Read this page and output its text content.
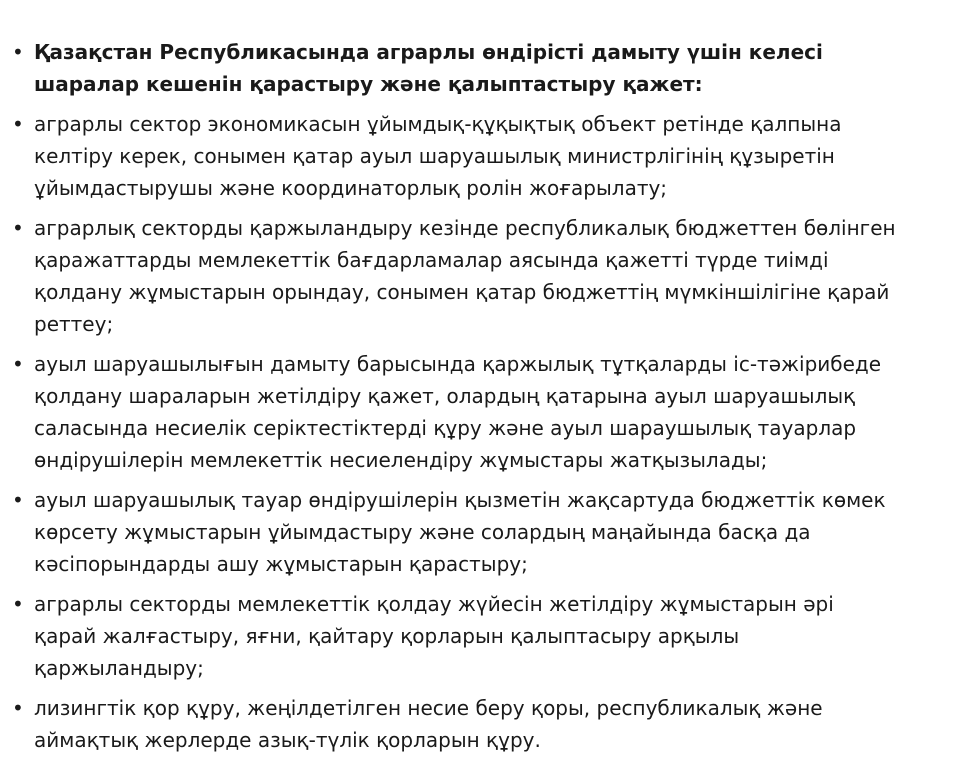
• Қазақстан Республикасында аграрлы өндірісті дамыту үшін келесі шаралар кешенін қарастыру және қалыптастыру қажет:
• аграрлы сектор экономикасын ұйымдық-құқықтық объект ретінде қалпына келтіру керек, сонымен қатар ауыл шаруашылық министрлігінің құзыретін ұйымдастырушы және координаторлық ролін жоғарылату;
• аграрлық секторды қаржыландыру кезінде республикалық бюджеттен бөлінген қаражаттарды мемлекеттік бағдарламалар аясында қажетті түрде тиімді қолдану жұмыстарын орындау, сонымен қатар бюджеттің мүмкіншілігіне қарай реттеу;
• ауыл шаруашылығын дамыту барысында қаржылық тұтқаларды іс-тәжірибеде қолдану шараларын жетілдіру қажет, олардың қатарына ауыл шаруашылық саласында несиелік серіктестіктерді құру және ауыл шараушылық тауарлар өндірушілерін мемлекеттік несиелендіру жұмыстары жатқызылады;
• ауыл шаруашылық тауар өндірушілерін қызметін жақсартуда бюджеттік көмек көрсету жұмыстарын ұйымдастыру және солардың маңайында басқа да кәсіпорындарды ашу жұмыстарын қарастыру;
• аграрлы секторды мемлекеттік қолдау жүйесін жетілдіру жұмыстарын әрі қарай жалғастыру, яғни, қайтару қорларын қалыптасыру арқылы қаржыландыру;
• лизингтік қор құру, жеңілдетілген несие беру қоры, республикалық және аймақтық жерлерде азық-түлік қорларын құру.
